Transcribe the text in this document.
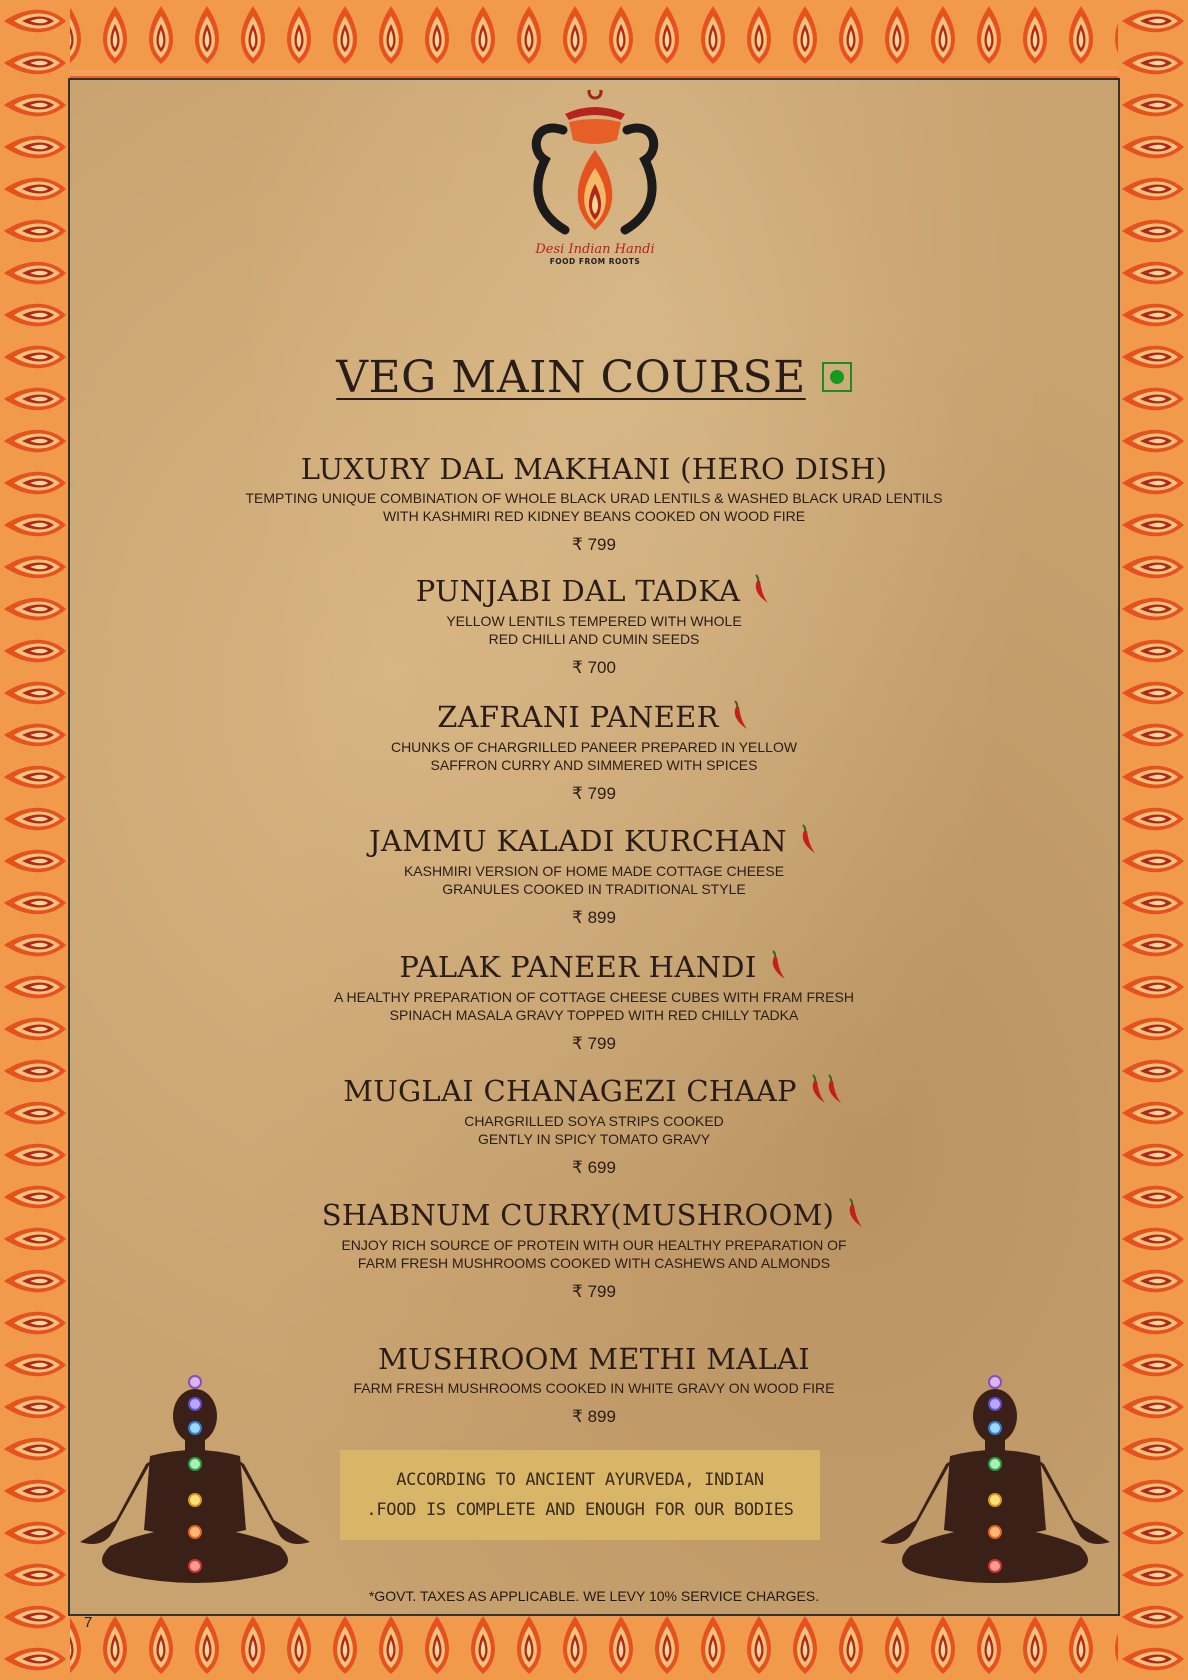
Desi Indian Handi
FOOD FROM ROOTS
VEG MAIN COURSE
LUXURY DAL MAKHANI (HERO DISH)
TEMPTING UNIQUE COMBINATION OF WHOLE BLACK URAD LENTILS & WASHED BLACK URAD LENTILS
WITH KASHMIRI RED KIDNEY BEANS COOKED ON WOOD FIRE
₹ 799
PUNJABI DAL TADKA
YELLOW LENTILS TEMPERED WITH WHOLE
RED CHILLI AND CUMIN SEEDS
₹ 700
ZAFRANI PANEER
CHUNKS OF CHARGRILLED PANEER PREPARED IN YELLOW
SAFFRON CURRY AND SIMMERED WITH SPICES
₹ 799
JAMMU KALADI KURCHAN
KASHMIRI VERSION OF HOME MADE COTTAGE CHEESE
GRANULES COOKED IN TRADITIONAL STYLE
₹ 899
PALAK PANEER HANDI
A HEALTHY PREPARATION OF COTTAGE CHEESE CUBES WITH FRAM FRESH
SPINACH MASALA GRAVY TOPPED WITH RED CHILLY TADKA
₹ 799
MUGLAI CHANAGEZI CHAAP
CHARGRILLED SOYA STRIPS COOKED
GENTLY IN SPICY TOMATO GRAVY
₹ 699
SHABNUM CURRY(MUSHROOM)
ENJOY RICH SOURCE OF PROTEIN WITH OUR HEALTHY PREPARATION OF
FARM FRESH MUSHROOMS COOKED WITH CASHEWS AND ALMONDS
₹ 799
MUSHROOM METHI MALAI
FARM FRESH MUSHROOMS COOKED IN WHITE GRAVY ON WOOD FIRE
₹ 899
ACCORDING TO ANCIENT AYURVEDA, INDIAN
.FOOD IS COMPLETE AND ENOUGH FOR OUR BODIES
*GOVT. TAXES AS APPLICABLE. WE LEVY 10% SERVICE CHARGES.
7
